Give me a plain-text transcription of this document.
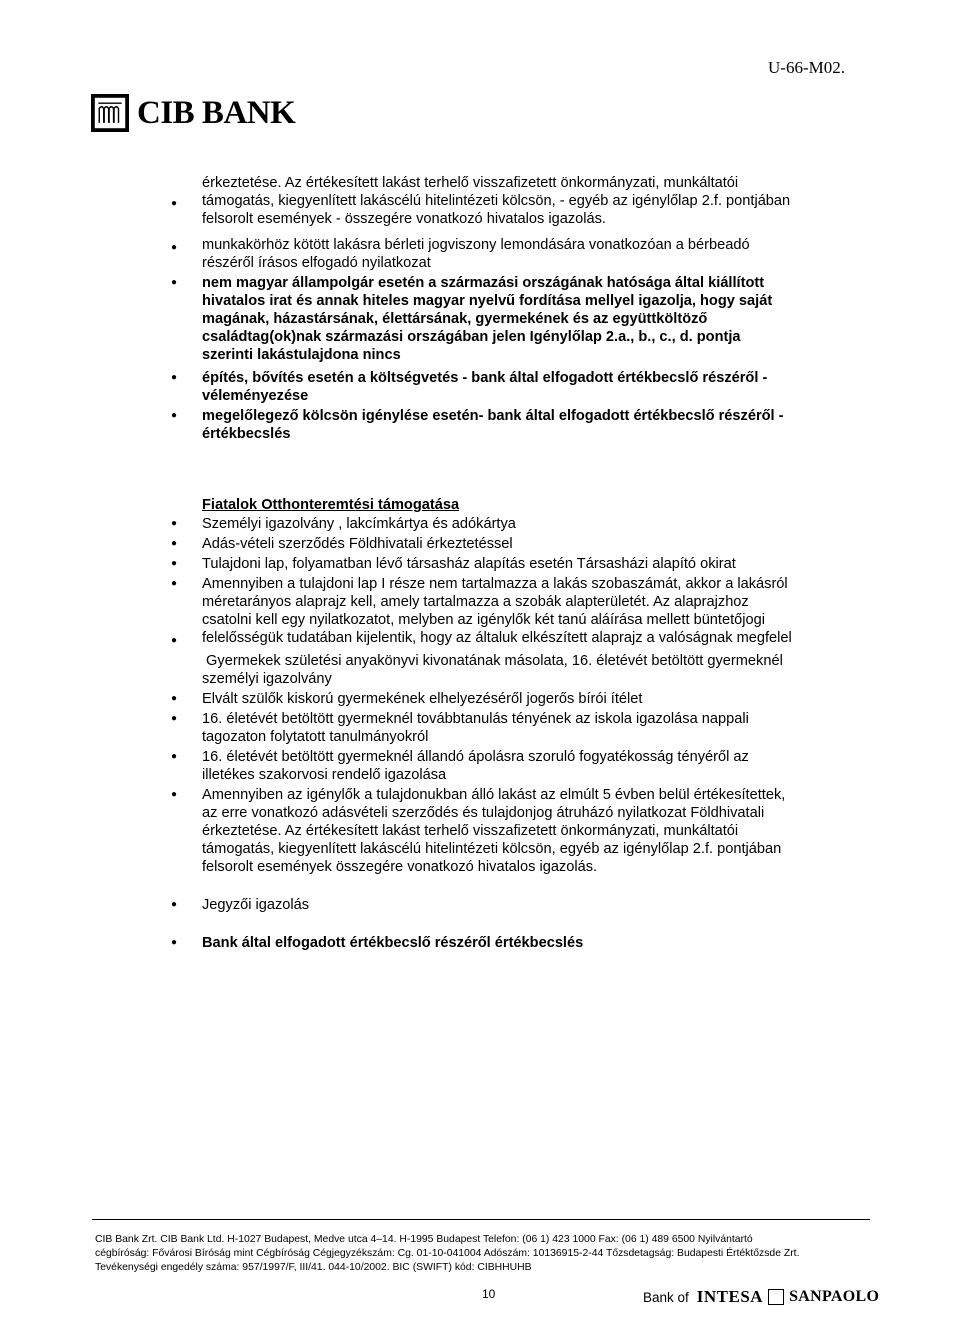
U-66-M02.
CIB BANK
●
érkeztetése. Az értékesített lakást terhelő visszafizetett önkormányzati, munkáltatói
támogatás, kiegyenlített lakáscélú hitelintézeti kölcsön, - egyéb az igénylőlap 2.f. pontjában
felsorolt események - összegére vonatkozó hivatalos igazolás.
● munkakörhöz kötött lakásra bérleti jogviszony lemondására vonatkozóan a bérbeadó
részéről írásos elfogadó nyilatkozat
● nem magyar állampolgár esetén a származási országának hatósága által kiállított
hivatalos irat és annak hiteles magyar nyelvű fordítása mellyel igazolja, hogy saját
magának, házastársának, élettársának, gyermekének és az együttköltöző
családtag(ok)nak származási országában jelen Igénylőlap 2.a., b., c., d. pontja
szerinti lakástulajdona nincs
● építés, bővítés esetén a költségvetés - bank által elfogadott értékbecslő részéről -
véleményezése
● megelőlegező kölcsön igénylése esetén- bank által elfogadott értékbecslő részéről -
értékbecslés
Fiatalok Otthonteremtési támogatása
● Személyi igazolvány , lakcímkártya és adókártya
● Adás-vételi szerződés Földhivatali érkeztetéssel
● Tulajdoni lap, folyamatban lévő társasház alapítás esetén Társasházi alapító okirat
●
●
Amennyiben a tulajdoni lap I része nem tartalmazza a lakás szobaszámát, akkor a lakásról
méretarányos alaprajz kell, amely tartalmazza a szobák alapterületét. Az alaprajzhoz
csatolni kell egy nyilatkozatot, melyben az igénylők két tanú aláírása mellett büntetőjogi
felelősségük tudatában kijelentik, hogy az általuk elkészített alaprajz a valóságnak megfelel
Gyermekek születési anyakönyvi kivonatának másolata, 16. életévét betöltött gyermeknél
személyi igazolvány
● Elvált szülők kiskorú gyermekének elhelyezéséről jogerős bírói ítélet
● 16. életévét betöltött gyermeknél továbbtanulás tényének az iskola igazolása nappali
tagozaton folytatott tanulmányokról
● 16. életévét betöltött gyermeknél állandó ápolásra szoruló fogyatékosság tényéről az
illetékes szakorvosi rendelő igazolása
● Amennyiben az igénylők a tulajdonukban álló lakást az elmúlt 5 évben belül értékesítettek,
az erre vonatkozó adásvételi szerződés és tulajdonjog átruházó nyilatkozat Földhivatali
érkeztetése. Az értékesített lakást terhelő visszafizetett önkormányzati, munkáltatói
támogatás, kiegyenlített lakáscélú hitelintézeti kölcsön, egyéb az igénylőlap 2.f. pontjában
felsorolt események összegére vonatkozó hivatalos igazolás.
● Jegyzői igazolás
● Bank által elfogadott értékbecslő részéről értékbecslés
CIB Bank Zrt. CIB Bank Ltd. H-1027 Budapest, Medve utca 4–14. H-1995 Budapest Telefon: (06 1) 423 1000 Fax: (06 1) 489 6500 Nyilvántartó
cégbíróság: Fővárosi Bíróság mint Cégbíróság Cégjegyzékszám: Cg. 01-10-041004 Adószám: 10136915-2-44 Tőzsdetagság: Budapesti Értéktőzsde Zrt.
Tevékenységi engedély száma: 957/1997/F, III/41. 044-10/2002. BIC (SWIFT) kód: CIBHHUHB
10	Bank of INTESA SANPAOLO
